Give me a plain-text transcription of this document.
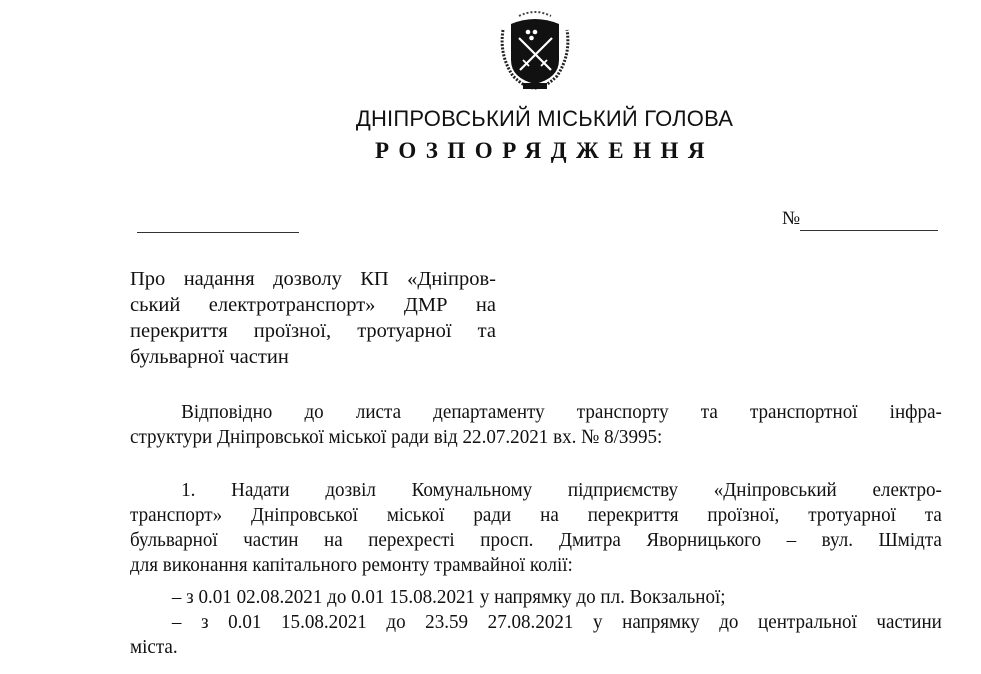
ДНІПРОВСЬКИЙ МІСЬКИЙ ГОЛОВА
РОЗПОРЯДЖЕННЯ
№
Про надання дозволу КП «Дніпров-
ський електротранспорт» ДМР на
перекриття проїзної, тротуарної та
бульварної частин
Відповідно до листа департаменту транспорту та транспортної інфра-
структури Дніпровської міської ради від 22.07.2021 вх. № 8/3995:
1. Надати дозвіл Комунальному підприємству «Дніпровський електро-
транспорт» Дніпровської міської ради на перекриття проїзної, тротуарної та
бульварної частин на перехресті просп. Дмитра Яворницького – вул. Шмідта
для виконання капітального ремонту трамвайної колії:
– з 0.01 02.08.2021 до 0.01 15.08.2021 у напрямку до пл. Вокзальної;
– з 0.01 15.08.2021 до 23.59 27.08.2021 у напрямку до центральної частини
міста.
